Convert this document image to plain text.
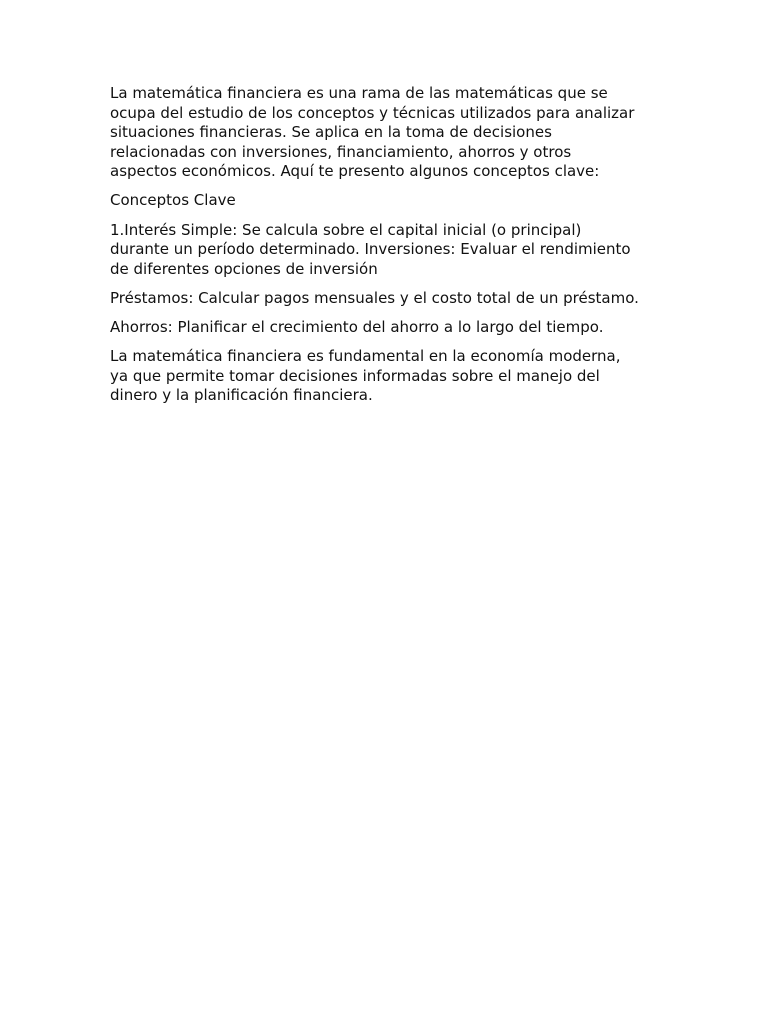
La matemática financiera es una rama de las matemáticas que se
ocupa del estudio de los conceptos y técnicas utilizados para analizar
situaciones financieras. Se aplica en la toma de decisiones
relacionadas con inversiones, financiamiento, ahorros y otros
aspectos económicos. Aquí te presento algunos conceptos clave:

Conceptos Clave

1.Interés Simple: Se calcula sobre el capital inicial (o principal)
durante un período determinado. Inversiones: Evaluar el rendimiento
de diferentes opciones de inversión

Préstamos: Calcular pagos mensuales y el costo total de un préstamo.

Ahorros: Planificar el crecimiento del ahorro a lo largo del tiempo.

La matemática financiera es fundamental en la economía moderna,
ya que permite tomar decisiones informadas sobre el manejo del
dinero y la planificación financiera.
